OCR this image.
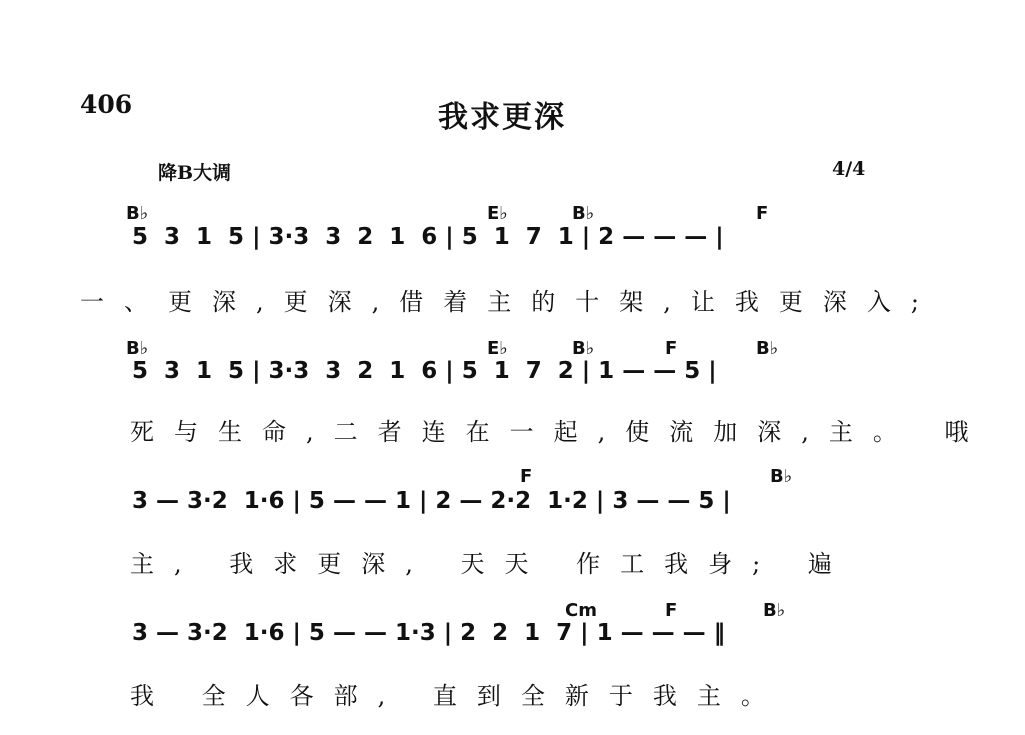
406	我求更深
降B大调	4/4
B♭	E♭	B♭	F
5  3  1  5 | 3·3  3  2  1  6 | 5  1  7  1 | 2 — — — |
一、更深,更深,借着主的十架,让我更深入;
B♭	E♭	B♭	F	B♭
5  3  1  5 | 3·3  3  2  1  6 | 5  1  7  2 | 1 — — 5 |
死与生命,二者连在一起,使流加深,主。 哦
F	B♭
3 — 3·2  1·6 | 5 — — 1 | 2 — 2·2  1·2 | 3 — — 5 |
主, 我求更深, 天天 作工我身; 遍
Cm	F	B♭
3 — 3·2  1·6 | 5 — — 1·3 | 2  2  1  7 | 1 — — — ‖
我 全人各部, 直到全新于我主。
